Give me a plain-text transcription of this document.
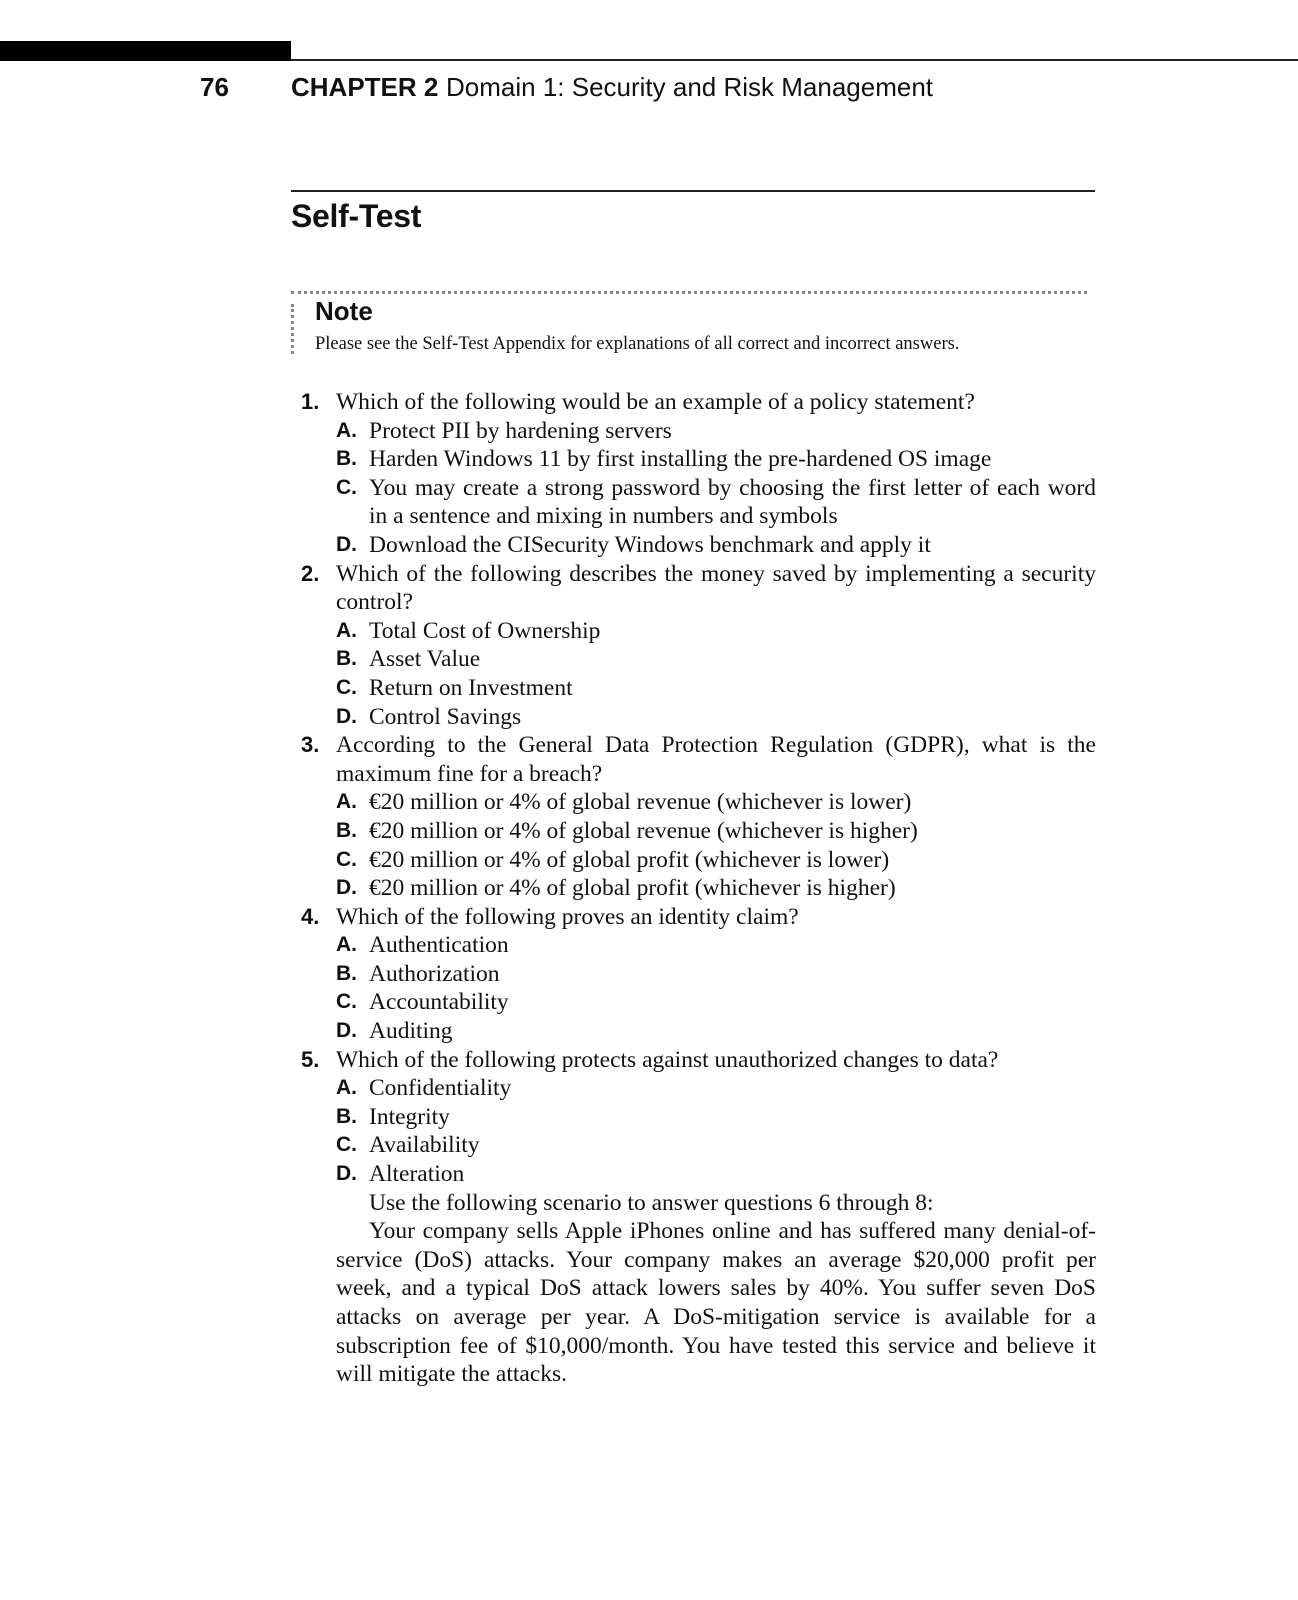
76 CHAPTER 2 Domain 1: Security and Risk Management
Self-Test
Note
Please see the Self-Test Appendix for explanations of all correct and incorrect answers.
1. Which of the following would be an example of a policy statement?
A. Protect PII by hardening servers
B. Harden Windows 11 by first installing the pre-hardened OS image
C. You may create a strong password by choosing the first letter of each word in a sentence and mixing in numbers and symbols
D. Download the CISecurity Windows benchmark and apply it
2. Which of the following describes the money saved by implementing a security control?
A. Total Cost of Ownership
B. Asset Value
C. Return on Investment
D. Control Savings
3. According to the General Data Protection Regulation (GDPR), what is the maximum fine for a breach?
A. €20 million or 4% of global revenue (whichever is lower)
B. €20 million or 4% of global revenue (whichever is higher)
C. €20 million or 4% of global profit (whichever is lower)
D. €20 million or 4% of global profit (whichever is higher)
4. Which of the following proves an identity claim?
A. Authentication
B. Authorization
C. Accountability
D. Auditing
5. Which of the following protects against unauthorized changes to data?
A. Confidentiality
B. Integrity
C. Availability
D. Alteration

Use the following scenario to answer questions 6 through 8:

Your company sells Apple iPhones online and has suffered many denial-of-service (DoS) attacks. Your company makes an average $20,000 profit per week, and a typical DoS attack lowers sales by 40%. You suffer seven DoS attacks on average per year. A DoS-mitigation service is available for a subscription fee of $10,000/month. You have tested this service and believe it will mitigate the attacks.
